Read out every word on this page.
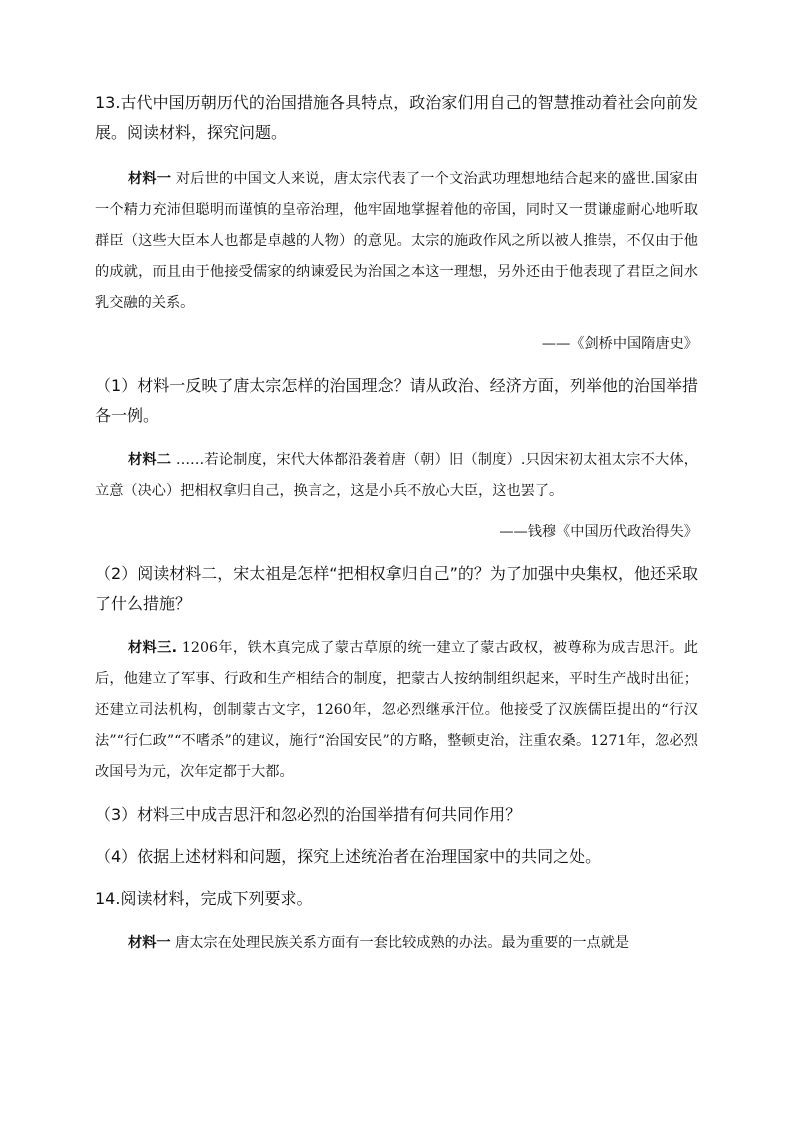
13.古代中国历朝历代的治国措施各具特点，政治家们用自己的智慧推动着社会向前发展。阅读材料，探究问题。

材料一 对后世的中国文人来说，唐太宗代表了一个文治武功理想地结合起来的盛世.国家由一个精力充沛但聪明而谨慎的皇帝治理，他牢固地掌握着他的帝国，同时又一贯谦虚耐心地听取群臣（这些大臣本人也都是卓越的人物）的意见。太宗的施政作风之所以被人推崇，不仅由于他的成就，而且由于他接受儒家的纳谏爱民为治国之本这一理想，另外还由于他表现了君臣之间水乳交融的关系。

——《剑桥中国隋唐史》

（1）材料一反映了唐太宗怎样的治国理念？请从政治、经济方面，列举他的治国举措各一例。

材料二 ……若论制度，宋代大体都沿袭着唐（朝）旧（制度）.只因宋初太祖太宗不大体，立意（决心）把相权拿归自己，换言之，这是小兵不放心大臣，这也罢了。

——钱穆《中国历代政治得失》

（2）阅读材料二，宋太祖是怎样“把相权拿归自己”的？为了加强中央集权，他还采取了什么措施？

材料三. 1206年，铁木真完成了蒙古草原的统一建立了蒙古政权，被尊称为成吉思汗。此后，他建立了军事、行政和生产相结合的制度，把蒙古人按纳制组织起来，平时生产战时出征；还建立司法机构，创制蒙古文字，1260年，忽必烈继承汗位。他接受了汉族儒臣提出的“行汉法”“行仁政”“不嗜杀”的建议，施行“治国安民”的方略，整顿吏治，注重农桑。1271年，忽必烈改国号为元，次年定都于大都。

（3）材料三中成吉思汗和忽必烈的治国举措有何共同作用？

（4）依据上述材料和问题，探究上述统治者在治理国家中的共同之处。

14.阅读材料，完成下列要求。

材料一 唐太宗在处理民族关系方面有一套比较成熟的办法。最为重要的一点就是
